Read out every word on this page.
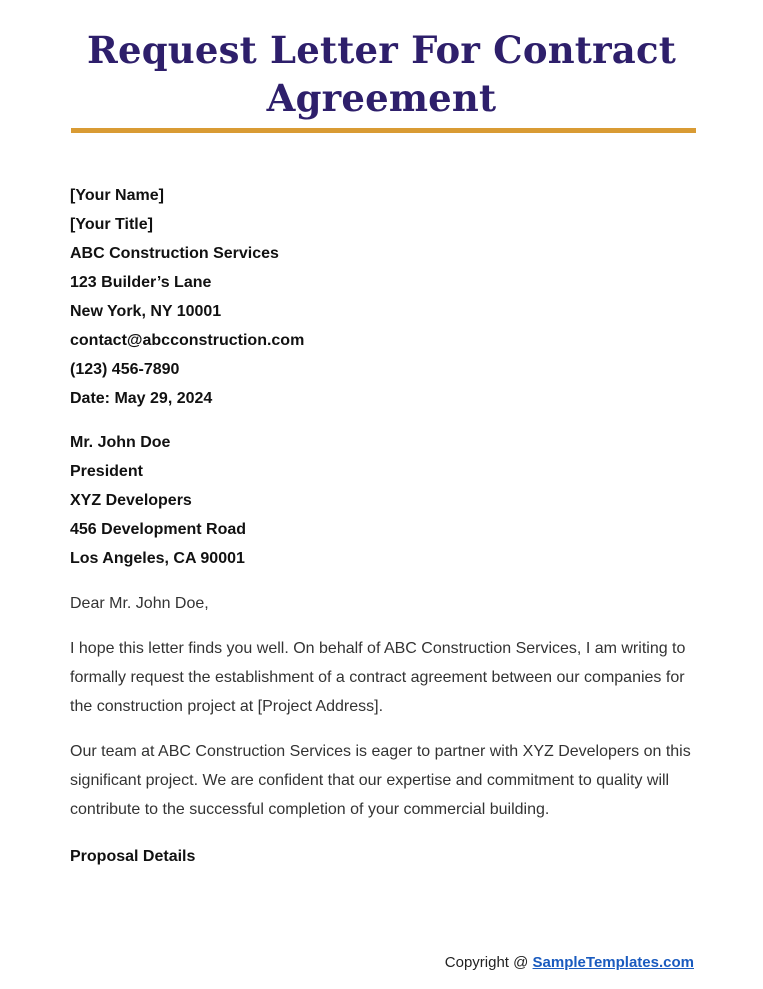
Request Letter For Contract Agreement
[Your Name]
[Your Title]
ABC Construction Services
123 Builder’s Lane
New York, NY 10001
contact@abcconstruction.com
(123) 456-7890
Date: May 29, 2024
Mr. John Doe
President
XYZ Developers
456 Development Road
Los Angeles, CA 90001

Dear Mr. John Doe,

I hope this letter finds you well. On behalf of ABC Construction Services, I am writing to formally request the establishment of a contract agreement between our companies for the construction project at [Project Address].

Our team at ABC Construction Services is eager to partner with XYZ Developers on this significant project. We are confident that our expertise and commitment to quality will contribute to the successful completion of your commercial building.

Proposal Details
Copyright @ SampleTemplates.com
